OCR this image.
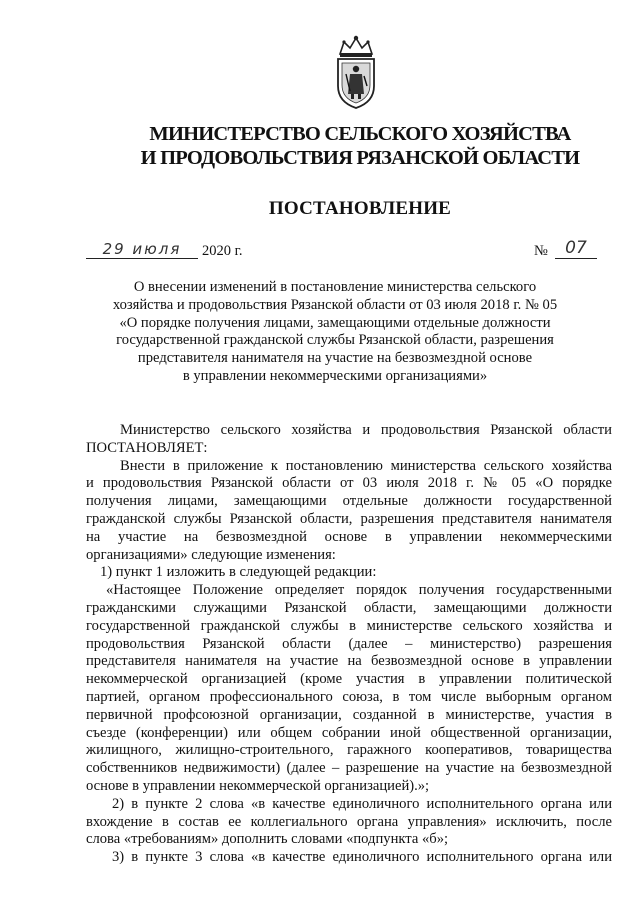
МИНИСТЕРСТВО СЕЛЬСКОГО ХОЗЯЙСТВА
И ПРОДОВОЛЬСТВИЯ РЯЗАНСКОЙ ОБЛАСТИ
ПОСТАНОВЛЕНИЕ
29 июля	2020 г.	№	07
О внесении изменений в постановление министерства сельского
хозяйства и продовольствия Рязанской области от 03 июля 2018 г. № 05
«О порядке получения лицами, замещающими отдельные должности
государственной гражданской службы Рязанской области, разрешения
представителя нанимателя на участие на безвозмездной основе
в управлении некоммерческими организациями»
Министерство сельского хозяйства и продовольствия Рязанской области
ПОСТАНОВЛЯЕТ:
Внести в приложение к постановлению министерства сельского хозяйства
и продовольствия Рязанской области от 03 июля 2018 г. № 05 «О порядке
получения лицами, замещающими отдельные должности государственной
гражданской службы Рязанской области, разрешения представителя нанимателя
на участие на безвозмездной основе в управлении некоммерческими
организациями» следующие изменения:
1) пункт 1 изложить в следующей редакции:
«Настоящее Положение определяет порядок получения государственными
гражданскими служащими Рязанской области, замещающими должности
государственной гражданской службы в министерстве сельского хозяйства и
продовольствия Рязанской области (далее – министерство) разрешения
представителя нанимателя на участие на безвозмездной основе в управлении
некоммерческой организацией (кроме участия в управлении политической
партией, органом профессионального союза, в том числе выборным органом
первичной профсоюзной организации, созданной в министерстве, участия в
съезде (конференции) или общем собрании иной общественной организации,
жилищного, жилищно-строительного, гаражного кооперативов, товарищества
собственников недвижимости) (далее – разрешение на участие на безвозмездной
основе в управлении некоммерческой организацией).»;
2) в пункте 2 слова «в качестве единоличного исполнительного органа или
вхождение в состав ее коллегиального органа управления» исключить, после
слова «требованиям» дополнить словами «подпункта «б»;
3) в пункте 3 слова «в качестве единоличного исполнительного органа или
